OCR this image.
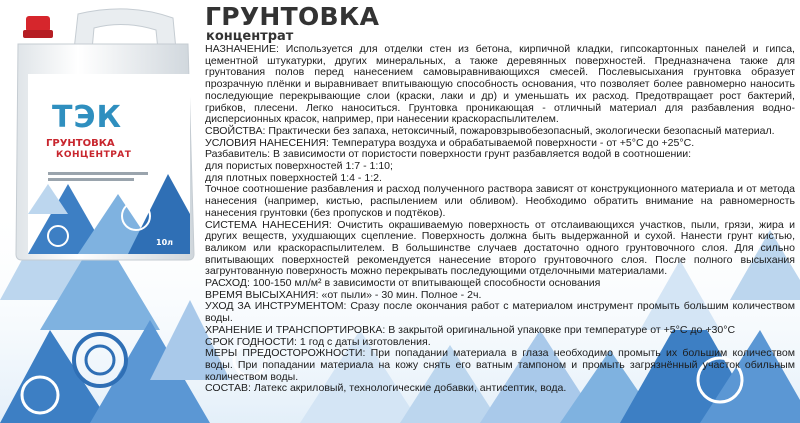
ТЭК
ГРУНТОВКА
КОНЦЕНТРАТ
10л
ГРУНТОВКА
концентрат

НАЗНАЧЕНИЕ: Используется для отделки стен из бетона, кирпичной кладки, гипсокартонных панелей и гипса, цементной штукатурки, других минеральных, а также деревянных поверхностей. Предназначена также для грунтования полов перед нанесением самовыравнивающихся смесей. Послевысыхания грунтовка образует прозрачную плёнки и выравнивает впитывающую способность основания, что позволяет более равномерно наносить последующие перекрывающие слои (краски, лаки и др) и уменьшать их расход. Предотвращает рост бактерий, грибков, плесени. Легко наноситься. Грунтовка проникающая - отличный материал для разбавления водно-дисперсионных красок, например, при нанесении краскораспылителем.

СВОЙСТВА: Практически без запаха, нетоксичный, пожаровзрывобезопасный, экологически безопасный материал.

УСЛОВИЯ НАНЕСЕНИЯ: Температура воздуха и обрабатываемой поверхности - от +5°С до +25°С.

Разбавитель: В зависимости от пористости поверхности грунт разбавляется водой в соотношении:

для пористых поверхностей 1:7 - 1:10;

для плотных поверхностей 1:4 - 1:2.

Точное соотношение разбавления и расход полученного раствора зависят от конструкционного материала и от метода нанесения (например, кистью, распылением или обливом). Необходимо обратить внимание на равномерность нанесения грунтовки (без пропусков и подтёков).

СИСТЕМА НАНЕСЕНИЯ: Очистить окрашиваемую поверхность от отслаивающихся участков, пыли, грязи, жира и других веществ, ухудшающих сцепление. Поверхность должна быть выдержанной и сухой. Нанести грунт кистью, валиком или краскораспылителем. В большинстве случаев достаточно одного грунтовочного слоя. Для сильно впитывающих поверхностей рекомендуется нанесение второго грунтовочного слоя. После полного высыхания загрунтованную поверхность можно перекрывать последующими отделочными материалами.

РАСХОД: 100-150 мл/м² в зависимости от впитывающей способности основания

ВРЕМЯ ВЫСЫХАНИЯ: «от пыли» - 30 мин. Полное - 2ч.

УХОД ЗА ИНСТРУМЕНТОМ: Сразу после окончания работ с материалом инструмент промыть большим количеством воды.

ХРАНЕНИЕ И ТРАНСПОРТИРОВКА: В закрытой оригинальной упаковке при температуре от +5°С до +30°С

СРОК ГОДНОСТИ: 1 год с даты изготовления.

МЕРЫ ПРЕДОСТОРОЖНОСТИ: При попадании материала в глаза необходимо промыть их большим количеством воды. При попадании материала на кожу снять его ватным тампоном и промыть загрязнённый участок обильным количеством воды.

СОСТАВ: Латекс акриловый, технологические добавки, антисептик, вода.
